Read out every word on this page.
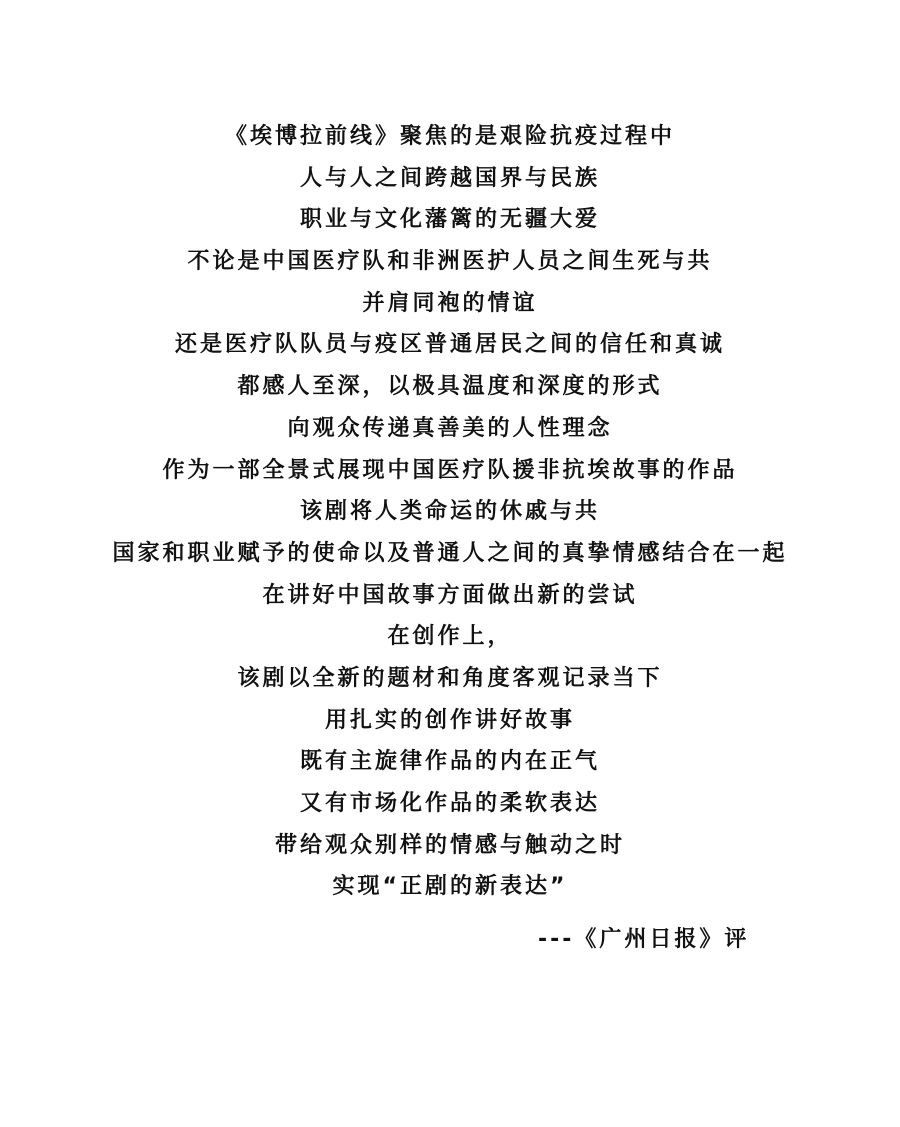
《埃博拉前线》聚焦的是艰险抗疫过程中
人与人之间跨越国界与民族
职业与文化藩篱的无疆大爱
不论是中国医疗队和非洲医护人员之间生死与共
并肩同袍的情谊
还是医疗队队员与疫区普通居民之间的信任和真诚
都感人至深，以极具温度和深度的形式
向观众传递真善美的人性理念
作为一部全景式展现中国医疗队援非抗埃故事的作品
该剧将人类命运的休戚与共
国家和职业赋予的使命以及普通人之间的真挚情感结合在一起
在讲好中国故事方面做出新的尝试
在创作上，
该剧以全新的题材和角度客观记录当下
用扎实的创作讲好故事
既有主旋律作品的内在正气
又有市场化作品的柔软表达
带给观众别样的情感与触动之时
实现“正剧的新表达”
---《广州日报》评
